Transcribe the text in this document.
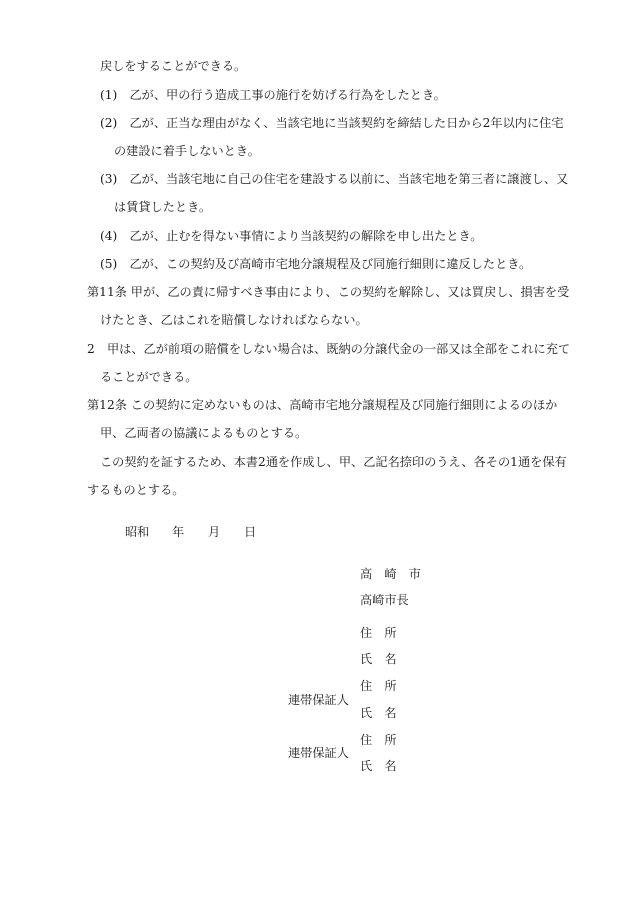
戻しをすることができる。
(1)　乙が、甲の行う造成工事の施行を妨げる行為をしたとき。
(2)　乙が、正当な理由がなく、当該宅地に当該契約を締結した日から2年以内に住宅
の建設に着手しないとき。
(3)　乙が、当該宅地に自己の住宅を建設する以前に、当該宅地を第三者に譲渡し、又
は賃貸したとき。
(4)　乙が、止むを得ない事情により当該契約の解除を申し出たとき。
(5)　乙が、この契約及び高崎市宅地分譲規程及び同施行細則に違反したとき。
第11条 甲が、乙の責に帰すべき事由により、この契約を解除し、又は買戻し、損害を受
けたとき、乙はこれを賠償しなければならない。
2　甲は、乙が前項の賠償をしない場合は、既納の分譲代金の一部又は全部をこれに充て
ることができる。
第12条 この契約に定めないものは、高崎市宅地分譲規程及び同施行細則によるのほか
甲、乙両者の協議によるものとする。
この契約を証するため、本書2通を作成し、甲、乙記名捺印のうえ、各その1通を保有
するものとする。
昭和 年 月 日
高　崎　市
高崎市長
住　所
氏　名
連帯保証人
住　所
氏　名
連帯保証人
住　所
氏　名
